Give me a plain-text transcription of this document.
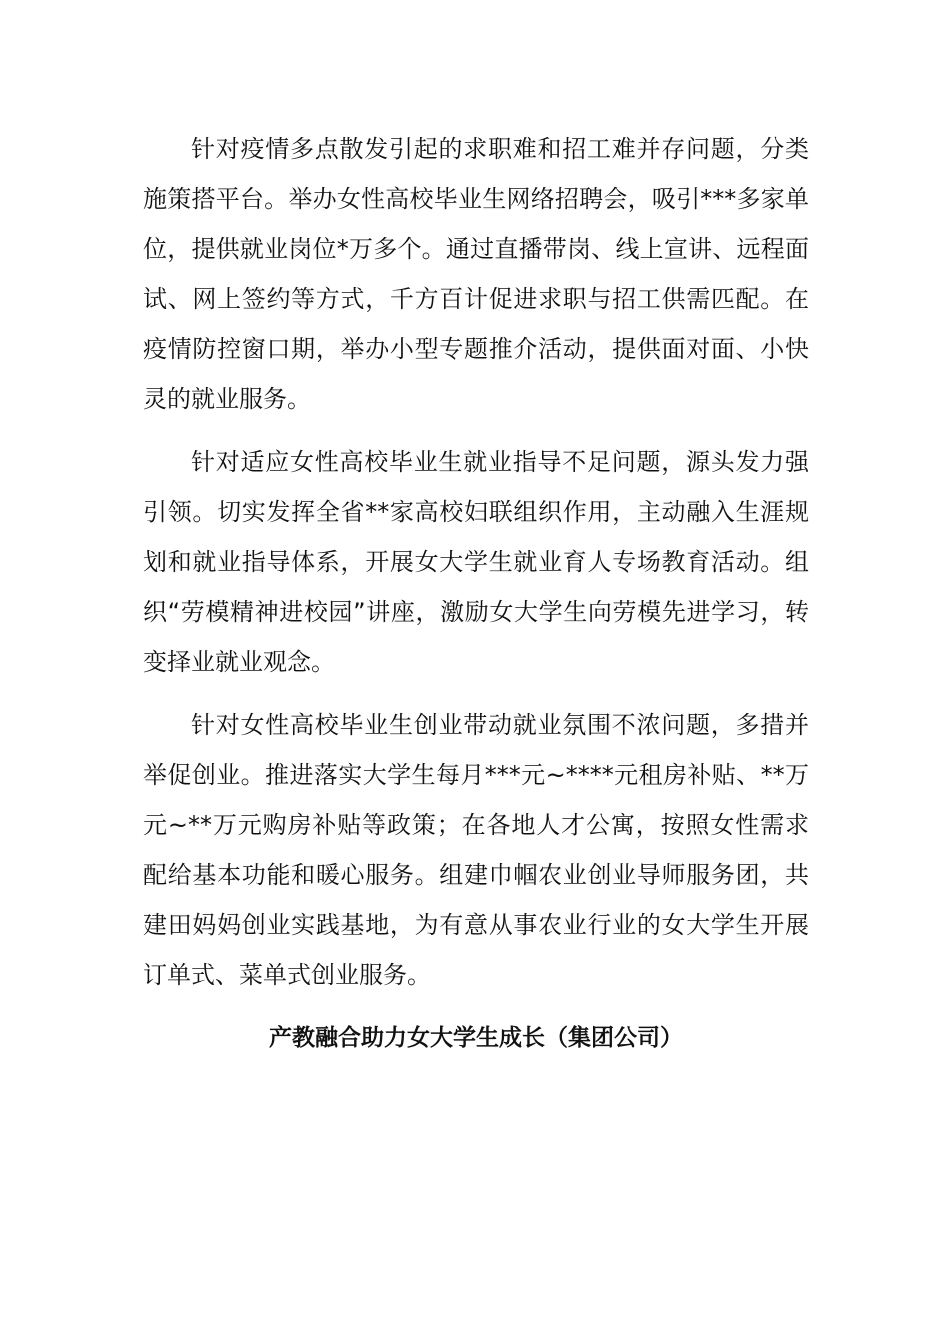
针对疫情多点散发引起的求职难和招工难并存问题，分类施策搭平台。举办女性高校毕业生网络招聘会，吸引***多家单位，提供就业岗位*万多个。通过直播带岗、线上宣讲、远程面试、网上签约等方式，千方百计促进求职与招工供需匹配。在疫情防控窗口期，举办小型专题推介活动，提供面对面、小快灵的就业服务。

针对适应女性高校毕业生就业指导不足问题，源头发力强引领。切实发挥全省**家高校妇联组织作用，主动融入生涯规划和就业指导体系，开展女大学生就业育人专场教育活动。组织“劳模精神进校园”讲座，激励女大学生向劳模先进学习，转变择业就业观念。

针对女性高校毕业生创业带动就业氛围不浓问题，多措并举促创业。推进落实大学生每月***元~****元租房补贴、**万元~**万元购房补贴等政策；在各地人才公寓，按照女性需求配给基本功能和暖心服务。组建巾帼农业创业导师服务团，共建田妈妈创业实践基地，为有意从事农业行业的女大学生开展订单式、菜单式创业服务。

产教融合助力女大学生成长（集团公司）
